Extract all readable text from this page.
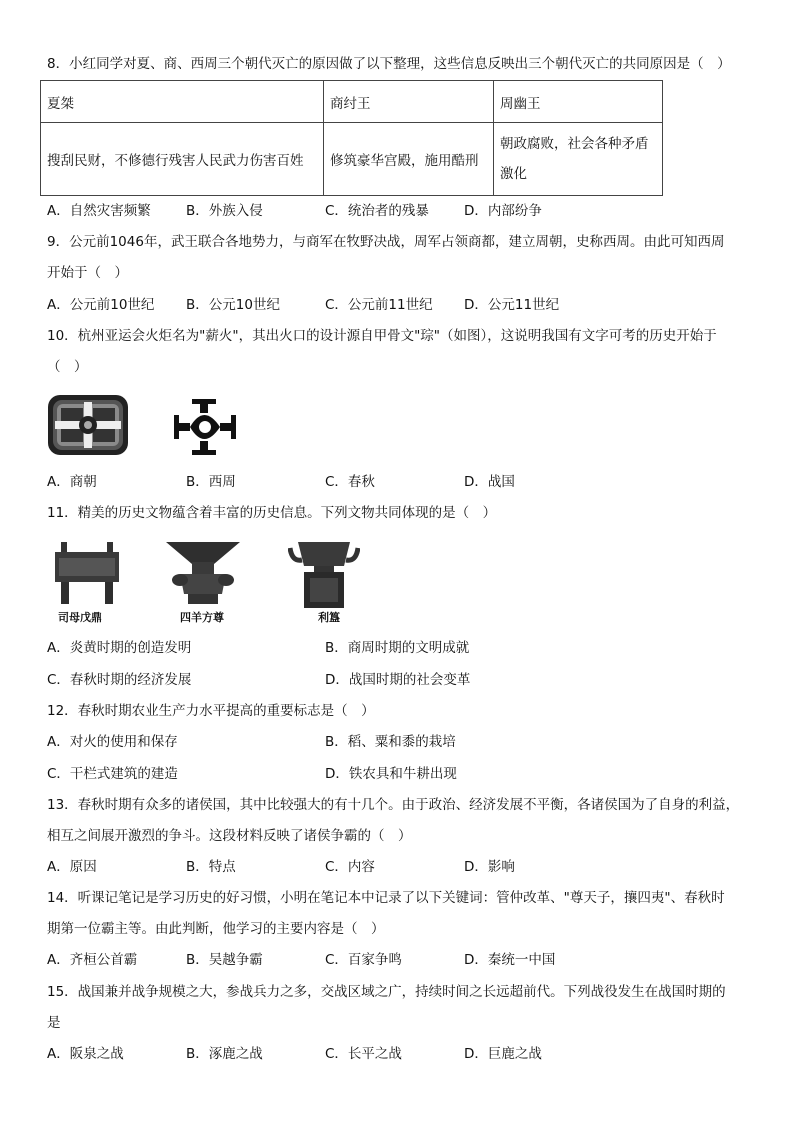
8．小红同学对夏、商、西周三个朝代灭亡的原因做了以下整理，这些信息反映出三个朝代灭亡的共同原因是（　）
夏桀	商纣王	周幽王
搜刮民财，不修德行残害人民武力伤害百姓	修筑豪华宫殿，施用酷刑	朝政腐败，社会各种矛盾
激化
A．自然灾害频繁	B．外族入侵	C．统治者的残暴	D．内部纷争
9．公元前1046年，武王联合各地势力，与商军在牧野决战，周军占领商都，建立周朝，史称西周。由此可知西周
开始于（　）
A．公元前10世纪 B．公元10世纪	C．公元前11世纪 D．公元11世纪
10．杭州亚运会火炬名为"薪火"，其出火口的设计源自甲骨文"琮"（如图），这说明我国有文字可考的历史开始于
（　）
A．商朝	B．西周	C．春秋	D．战国
11．精美的历史文物蕴含着丰富的历史信息。下列文物共同体现的是（　）
司母戊鼎	四羊方尊	利簋
A．炎黄时期的创造发明	B．商周时期的文明成就
C．春秋时期的经济发展	D．战国时期的社会变革
12．春秋时期农业生产力水平提高的重要标志是（　）
A．对火的使用和保存	B．稻、粟和黍的栽培
C．干栏式建筑的建造	D．铁农具和牛耕出现
13．春秋时期有众多的诸侯国，其中比较强大的有十几个。由于政治、经济发展不平衡，各诸侯国为了自身的利益，
相互之间展开激烈的争斗。这段材料反映了诸侯争霸的（　）
A．原因	B．特点	C．内容	D．影响
14．听课记笔记是学习历史的好习惯，小明在笔记本中记录了以下关键词：管仲改革、"尊天子，攘四夷"、春秋时
期第一位霸主等。由此判断，他学习的主要内容是（　）
A．齐桓公首霸	B．吴越争霸	C．百家争鸣	D．秦统一中国
15．战国兼并战争规模之大，参战兵力之多，交战区域之广，持续时间之长远超前代。下列战役发生在战国时期的
是
A．阪泉之战	B．涿鹿之战	C．长平之战	D．巨鹿之战
